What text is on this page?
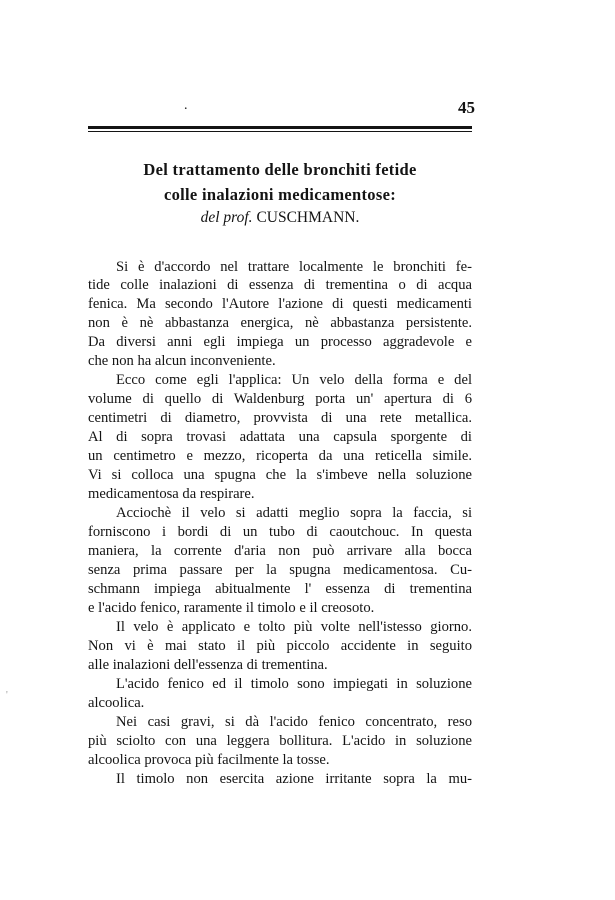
.	45
Del trattamento delle bronchiti fetide
colle inalazioni medicamentose:
del prof. CUSCHMANN.
Si è d'accordo nel trattare localmente le bronchiti fe-
tide colle inalazioni di essenza di trementina o di acqua
fenica. Ma secondo l'Autore l'azione di questi medicamenti
non è nè abbastanza energica, nè abbastanza persistente.
Da diversi anni egli impiega un processo aggradevole e
che non ha alcun inconveniente.
Ecco come egli l'applica: Un velo della forma e del
volume di quello di Waldenburg porta un' apertura di 6
centimetri di diametro, provvista di una rete metallica.
Al di sopra trovasi adattata una capsula sporgente di
un centimetro e mezzo, ricoperta da una reticella simile.
Vi si colloca una spugna che la s'imbeve nella soluzione
medicamentosa da respirare.
Acciochè il velo si adatti meglio sopra la faccia, si
forniscono i bordi di un tubo di caoutchouc. In questa
maniera, la corrente d'aria non può arrivare alla bocca
senza prima passare per la spugna medicamentosa. Cu-
schmann impiega abitualmente l' essenza di trementina
e l'acido fenico, raramente il timolo e il creosoto.
Il velo è applicato e tolto più volte nell'istesso giorno.
Non vi è mai stato il più piccolo accidente in seguito
alle inalazioni dell'essenza di trementina.
L'acido fenico ed il timolo sono impiegati in soluzione
alcoolica.
Nei casi gravi, si dà l'acido fenico concentrato, reso
più sciolto con una leggera bollitura. L'acido in soluzione
alcoolica provoca più facilmente la tosse.
Il timolo non esercita azione irritante sopra la mu-
'
